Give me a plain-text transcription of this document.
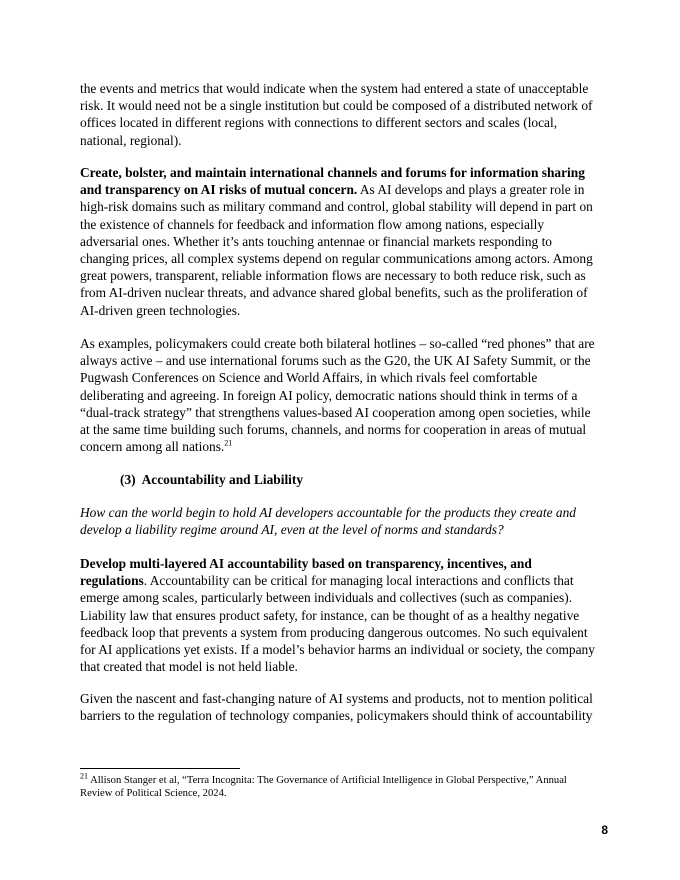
the events and metrics that would indicate when the system had entered a state of unacceptable risk. It would need not be a single institution but could be composed of a distributed network of offices located in different regions with connections to different sectors and scales (local, national, regional).

Create, bolster, and maintain international channels and forums for information sharing and transparency on AI risks of mutual concern. As AI develops and plays a greater role in high-risk domains such as military command and control, global stability will depend in part on the existence of channels for feedback and information flow among nations, especially adversarial ones. Whether it’s ants touching antennae or financial markets responding to changing prices, all complex systems depend on regular communications among actors. Among great powers, transparent, reliable information flows are necessary to both reduce risk, such as from AI-driven nuclear threats, and advance shared global benefits, such as the proliferation of AI-driven green technologies.

As examples, policymakers could create both bilateral hotlines – so-called “red phones” that are always active – and use international forums such as the G20, the UK AI Safety Summit, or the Pugwash Conferences on Science and World Affairs, in which rivals feel comfortable deliberating and agreeing. In foreign AI policy, democratic nations should think in terms of a “dual-track strategy” that strengthens values-based AI cooperation among open societies, while at the same time building such forums, channels, and norms for cooperation in areas of mutual concern among all nations.$^{21}$

(3) Accountability and Liability

How can the world begin to hold AI developers accountable for the products they create and develop a liability regime around AI, even at the level of norms and standards?

Develop multi-layered AI accountability based on transparency, incentives, and regulations. Accountability can be critical for managing local interactions and conflicts that emerge among scales, particularly between individuals and collectives (such as companies). Liability law that ensures product safety, for instance, can be thought of as a healthy negative feedback loop that prevents a system from producing dangerous outcomes. No such equivalent for AI applications yet exists. If a model’s behavior harms an individual or society, the company that created that model is not held liable.

Given the nascent and fast-changing nature of AI systems and products, not to mention political barriers to the regulation of technology companies, policymakers should think of accountability

$^{21}$ Allison Stanger et al, “Terra Incognita: The Governance of Artificial Intelligence in Global Perspective,” Annual Review of Political Science, 2024.
8
